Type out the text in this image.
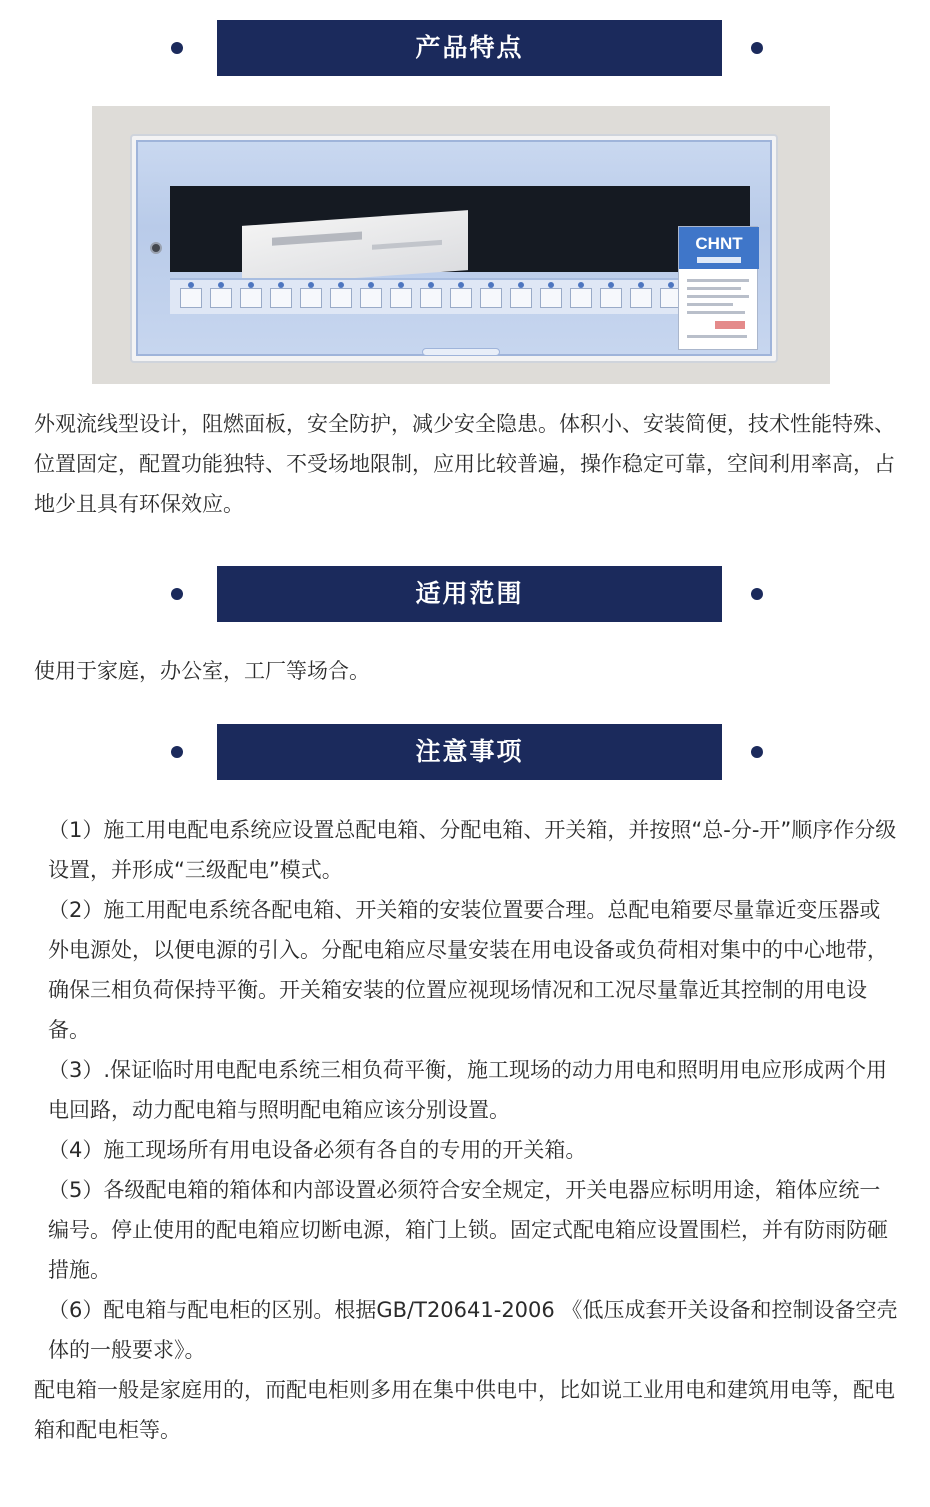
产品特点
CHNT

外观流线型设计，阻燃面板，安全防护，减少安全隐患。体积小、安装简便，技术性能特殊、位置固定，配置功能独特、不受场地限制，应用比较普遍，操作稳定可靠，空间利用率高，占地少且具有环保效应。

适用范围

使用于家庭，办公室，工厂等场合。

注意事项

（1）施工用电配电系统应设置总配电箱、分配电箱、开关箱，并按照“总-分-开”顺序作分级设置，并形成“三级配电”模式。

（2）施工用配电系统各配电箱、开关箱的安装位置要合理。总配电箱要尽量靠近变压器或外电源处，以便电源的引入。分配电箱应尽量安装在用电设备或负荷相对集中的中心地带，确保三相负荷保持平衡。开关箱安装的位置应视现场情况和工况尽量靠近其控制的用电设备。

（3）.保证临时用电配电系统三相负荷平衡，施工现场的动力用电和照明用电应形成两个用电回路，动力配电箱与照明配电箱应该分别设置。

（4）施工现场所有用电设备必须有各自的专用的开关箱。

（5）各级配电箱的箱体和内部设置必须符合安全规定，开关电器应标明用途，箱体应统一编号。停止使用的配电箱应切断电源，箱门上锁。固定式配电箱应设置围栏，并有防雨防砸措施。

（6）配电箱与配电柜的区别。根据GB/T20641-2006 《低压成套开关设备和控制设备空壳体的一般要求》。

配电箱一般是家庭用的，而配电柜则多用在集中供电中，比如说工业用电和建筑用电等，配电箱和配电柜等。
